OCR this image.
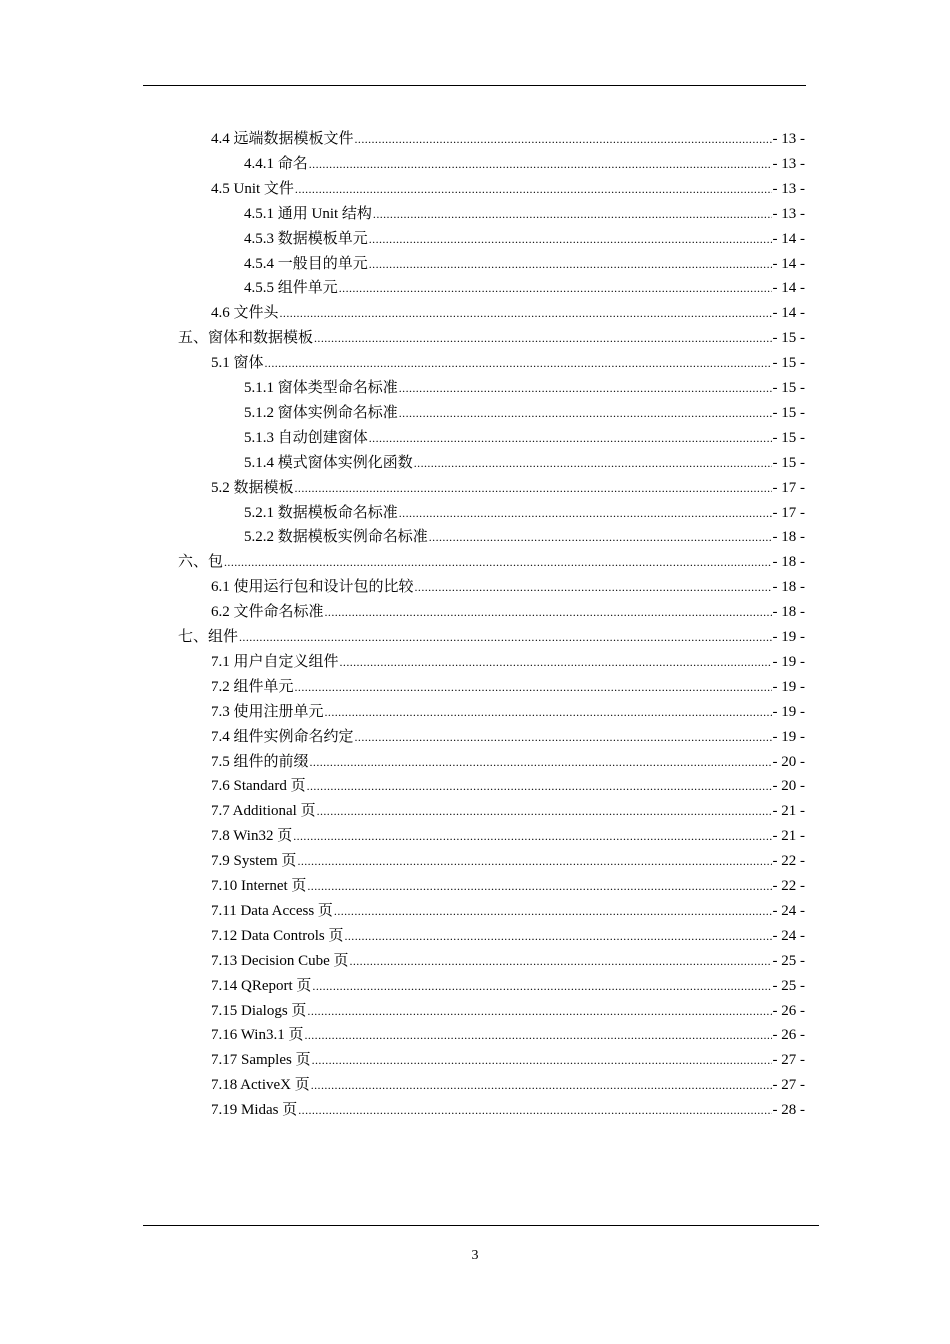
4.4 远端数据模板文件 .....	- 13 -
4.4.1 命名 .....	- 13 -
4.5 Unit 文件 .....	- 13 -
4.5.1 通用 Unit 结构 .....	- 13 -
4.5.3 数据模板单元 .....	- 14 -
4.5.4 一般目的单元 .....	- 14 -
4.5.5 组件单元 .....	- 14 -
4.6 文件头 .....	- 14 -
五、窗体和数据模板 .....	- 15 -
5.1 窗体 .....	- 15 -
5.1.1 窗体类型命名标准 .....	- 15 -
5.1.2 窗体实例命名标准 .....	- 15 -
5.1.3 自动创建窗体 .....	- 15 -
5.1.4 模式窗体实例化函数 .....	- 15 -
5.2 数据模板 .....	- 17 -
5.2.1 数据模板命名标准 .....	- 17 -
5.2.2 数据模板实例命名标准 .....	- 18 -
六、包 .....	- 18 -
6.1 使用运行包和设计包的比较 .....	- 18 -
6.2 文件命名标准 .....	- 18 -
七、组件 .....	- 19 -
7.1 用户自定义组件 .....	- 19 -
7.2 组件单元 .....	- 19 -
7.3 使用注册单元 .....	- 19 -
7.4 组件实例命名约定 .....	- 19 -
7.5 组件的前缀 .....	- 20 -
7.6 Standard 页 .....	- 20 -
7.7 Additional 页 .....	- 21 -
7.8 Win32 页 .....	- 21 -
7.9 System 页 .....	- 22 -
7.10 Internet 页 .....	- 22 -
7.11 Data Access 页 .....	- 24 -
7.12 Data Controls 页 .....	- 24 -
7.13 Decision Cube 页 .....	- 25 -
7.14 QReport 页 .....	- 25 -
7.15 Dialogs 页 .....	- 26 -
7.16 Win3.1 页 .....	- 26 -
7.17 Samples 页 .....	- 27 -
7.18 ActiveX 页 .....	- 27 -
7.19 Midas 页 .....	- 28 -
3
